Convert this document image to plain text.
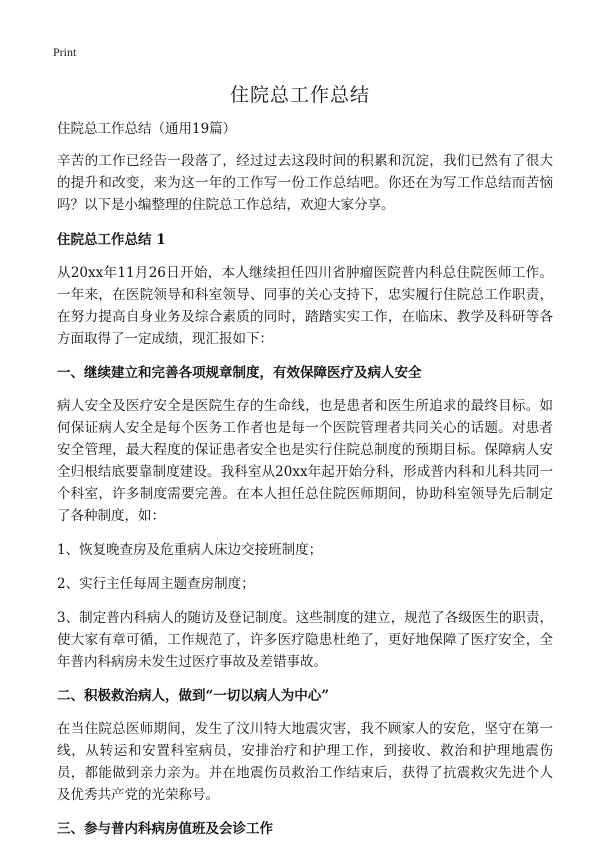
Print
住院总工作总结

住院总工作总结（通用19篇）

辛苦的工作已经告一段落了，经过过去这段时间的积累和沉淀，我们已然有了很大的提升和改变，来为这一年的工作写一份工作总结吧。你还在为写工作总结而苦恼吗？以下是小编整理的住院总工作总结，欢迎大家分享。

住院总工作总结 1

从20xx年11月26日开始，本人继续担任四川省肿瘤医院普内科总住院医师工作。一年来，在医院领导和科室领导、同事的关心支持下，忠实履行住院总工作职责，在努力提高自身业务及综合素质的同时，踏踏实实工作，在临床、教学及科研等各方面取得了一定成绩，现汇报如下：

一、继续建立和完善各项规章制度，有效保障医疗及病人安全

病人安全及医疗安全是医院生存的生命线，也是患者和医生所追求的最终目标。如何保证病人安全是每个医务工作者也是每一个医院管理者共同关心的话题。对患者安全管理，最大程度的保证患者安全也是实行住院总制度的预期目标。保障病人安全归根结底要靠制度建设。我科室从20xx年起开始分科，形成普内科和儿科共同一个科室，许多制度需要完善。在本人担任总住院医师期间，协助科室领导先后制定了各种制度，如：

1、恢复晚查房及危重病人床边交接班制度；

2、实行主任每周主题查房制度；

3、制定普内科病人的随访及登记制度。这些制度的建立，规范了各级医生的职责，使大家有章可循，工作规范了，许多医疗隐患杜绝了，更好地保障了医疗安全，全年普内科病房未发生过医疗事故及差错事故。

二、积极救治病人，做到“一切以病人为中心”

在当住院总医师期间，发生了汶川特大地震灾害，我不顾家人的安危，坚守在第一线，从转运和安置科室病员，安排治疗和护理工作，到接收、救治和护理地震伤员，都能做到亲力亲为。并在地震伤员救治工作结束后，获得了抗震救灾先进个人及优秀共产党的光荣称号。

三、参与普内科病房值班及会诊工作
